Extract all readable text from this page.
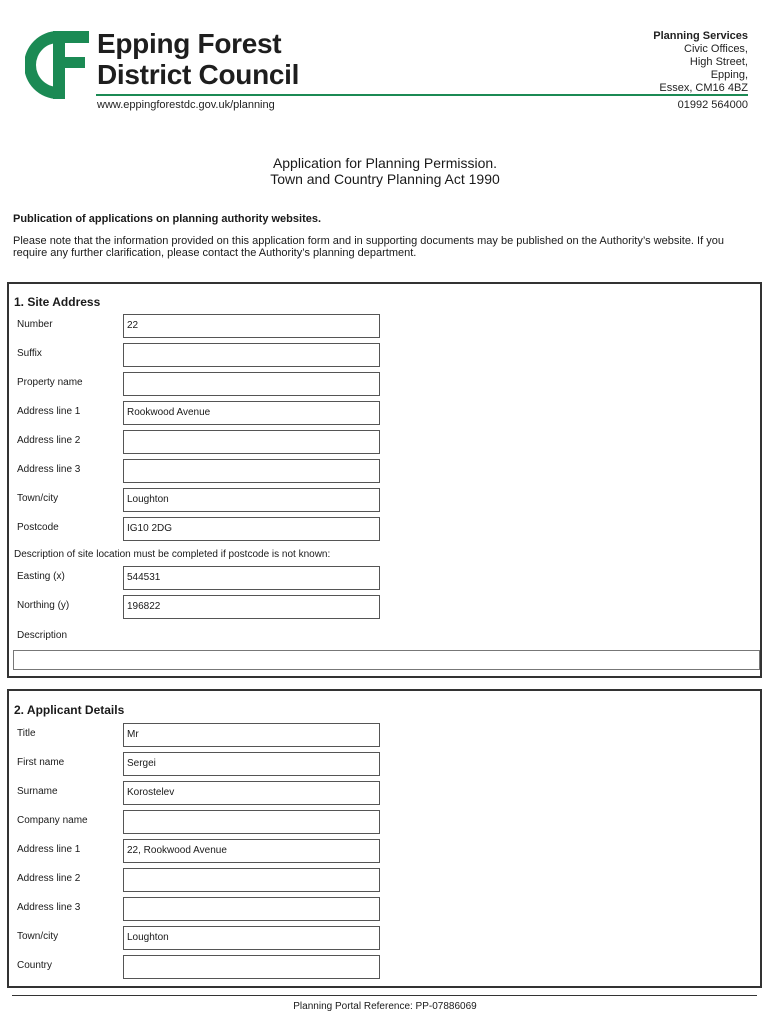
Epping Forest
District Council
www.eppingforestdc.gov.uk/planning
Planning Services
Civic Offices,
High Street,
Epping,
Essex, CM16 4BZ
01992 564000
Application for Planning Permission.
Town and Country Planning Act 1990
Publication of applications on planning authority websites.
Please note that the information provided on this application form and in supporting documents may be published on the Authority’s website. If you require any further clarification, please contact the Authority’s planning department.
1. Site Address
Number	22
Suffix
Property name
Address line 1	Rookwood Avenue
Address line 2
Address line 3
Town/city	Loughton
Postcode	IG10 2DG
Description of site location must be completed if postcode is not known:
Easting (x)	544531
Northing (y)	196822
Description
2. Applicant Details
Title	Mr
First name	Sergei
Surname	Korostelev
Company name
Address line 1	22, Rookwood Avenue
Address line 2
Address line 3
Town/city	Loughton
Country
Planning Portal Reference: PP-07886069
